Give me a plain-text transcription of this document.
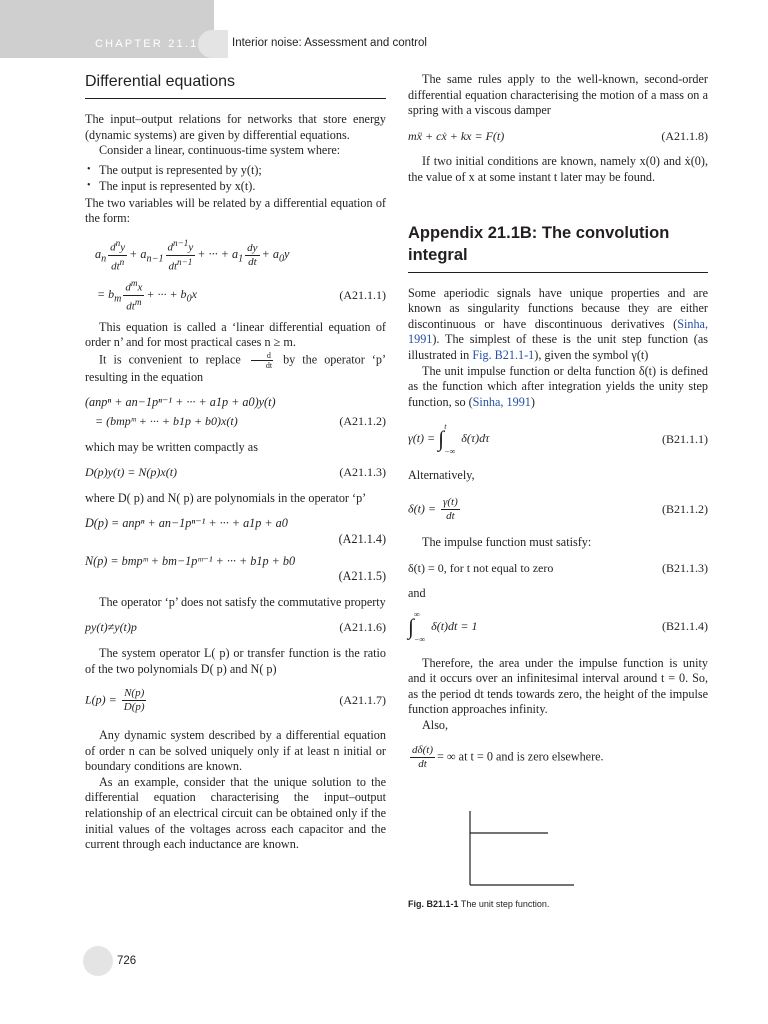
CHAPTER 21.1	Interior noise: Assessment and control
Differential equations

The input–output relations for networks that store energy (dynamic systems) are given by differential equations.

Consider a linear, continuous-time system where:

• The output is represented by y(t);
• The input is represented by x(t).

The two variables will be related by a differential equation of the form:

$a_n \frac{d^ny}{dt^n} + a_{n-1} \frac{d^{n-1}y}{dt^{n-1}}$ + ··· + $a_1 \frac{dy}{dt} + a_0y$
= $b_m \frac{d^mx}{dt^m}$ + ··· + $b_0x$	(A21.1.1)

This equation is called a ‘linear differential equation of order n’ and for most practical cases n ≥ m.

It is convenient to replace $\frac{d}{dt}$ by the operator ‘p’ resulting in the equation

(anpⁿ + an−1pⁿ⁻¹ + ··· + a1p + a0)y(t)
= (bmpᵐ + ··· + b1p + b0)x(t)	(A21.1.2)

which may be written compactly as

D(p)y(t) = N(p)x(t)	(A21.1.3)

where D( p) and N( p) are polynomials in the operator ‘p’

D(p) = anpⁿ + an−1pⁿ⁻¹ + ··· + a1p + a0
(A21.1.4)
N(p) = bmpᵐ + bm−1pᵐ⁻¹ + ··· + b1p + b0
(A21.1.5)

The operator ‘p’ does not satisfy the commutative property

py(t)≠y(t)p	(A21.1.6)

The system operator L( p) or transfer function is the ratio of the two polynomials D( p) and N( p)

$L(p) = \frac{N(p)}{D(p)}$	(A21.1.7)

Any dynamic system described by a differential equation of order n can be solved uniquely only if at least n initial or boundary conditions are known.

As an example, consider that the unique solution to the differential equation characterising the input–output relationship of an electrical circuit can be obtained only if the initial values of the voltages across each capacitor and the current through each inductance are known.

The same rules apply to the well-known, second-order differential equation characterising the motion of a mass on a spring with a viscous damper

mẍ + cẋ + kx = F(t)	(A21.1.8)

If two initial conditions are known, namely x(0) and ẋ(0), the value of x at some instant t later may be found.

Appendix 21.1B: The convolution integral

Some aperiodic signals have unique properties and are known as singularity functions because they are either discontinuous or have discontinuous derivatives (Sinha, 1991). The simplest of these is the unit step function (as illustrated in Fig. B21.1-1), given the symbol γ(t)

The unit impulse function or delta function δ(t) is defined as the function which after integration yields the unity step function, so (Sinha, 1991)

γ(t) = ∫ t
−∞
δ(τ)dτ	(B21.1.1)

Alternatively,

$\delta(t) = \frac{\gamma(t)}{dt}$	(B21.1.2)

The impulse function must satisfy:

δ(t) = 0, for t not equal to zero	(B21.1.3)

and

∫ ∞
−∞
δ(t)dt = 1	(B21.1.4)

Therefore, the area under the impulse function is unity and it occurs over an infinitesimal interval around t = 0. So, as the period dt tends towards zero, the height of the impulse function approaches infinity.

Also,

$\frac{d\delta(t)}{dt}$ = ∞ at t = 0 and is zero elsewhere.
Fig. B21.1-1 The unit step function.
726
